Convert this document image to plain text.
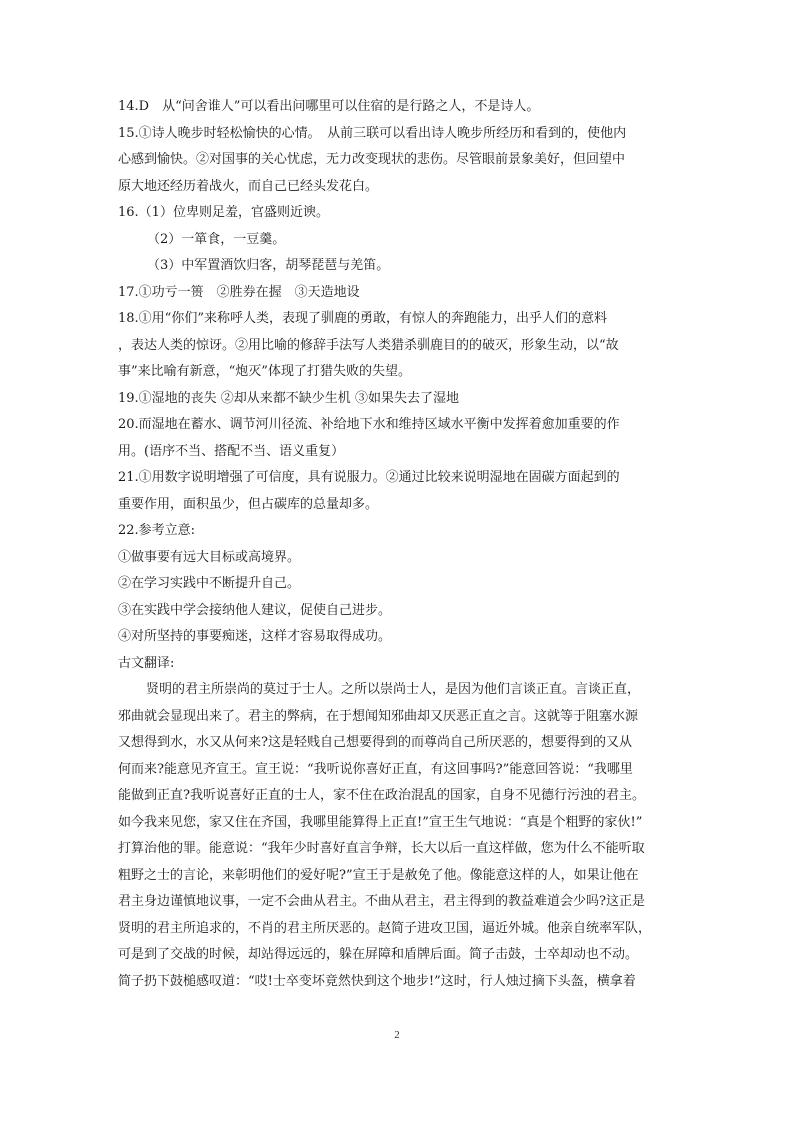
14.D　从“问舍谁人”可以看出问哪里可以住宿的是行路之人，不是诗人。
15.①诗人晚步时轻松愉快的心情。　从前三联可以看出诗人晚步所经历和看到的，使他内
心感到愉快。②对国事的关心忧虑，无力改变现状的悲伤。尽管眼前景象美好，但回望中
原大地还经历着战火，而自己已经头发花白。
16.（1）位卑则足羞，官盛则近谀。
（2）一箪食，一豆羹。
（3）中军置酒饮归客，胡琴琵琶与羌笛。
17.①功亏一篑　②胜券在握　③天造地设
18.①用“你们”来称呼人类，表现了驯鹿的勇敢，有惊人的奔跑能力，出乎人们的意料
，表达人类的惊讶。②用比喻的修辞手法写人类猎杀驯鹿目的的破灭，形象生动，以“故
事”来比喻有新意，“炮灭”体现了打猎失败的失望。
19.①湿地的丧失 ②却从来都不缺少生机 ③如果失去了湿地
20.而湿地在蓄水、调节河川径流、补给地下水和维持区域水平衡中发挥着愈加重要的作
用。(语序不当、搭配不当、语义重复）
21.①用数字说明增强了可信度，具有说服力。②通过比较来说明湿地在固碳方面起到的
重要作用，面积虽少，但占碳库的总量却多。
22.参考立意:
①做事要有远大目标或高境界。
②在学习实践中不断提升自己。
③在实践中学会接纳他人建议，促使自己进步。
④对所坚持的事要痴迷，这样才容易取得成功。
古文翻译:
贤明的君主所崇尚的莫过于士人。之所以崇尚士人，是因为他们言谈正直。言谈正直，
邪曲就会显现出来了。君主的弊病，在于想闻知邪曲却又厌恶正直之言。这就等于阻塞水源
又想得到水，水又从何来?这是轻贱自己想要得到的而尊尚自己所厌恶的，想要得到的又从
何而来?能意见齐宣王。宣王说：“我听说你喜好正直，有这回事吗?”能意回答说：“我哪里
能做到正直?我听说喜好正直的士人，家不住在政治混乱的国家，自身不见德行污浊的君主。
如今我来见您，家又住在齐国，我哪里能算得上正直!”宣王生气地说：“真是个粗野的家伙!”
打算治他的罪。能意说：“我年少时喜好直言争辩，长大以后一直这样做，您为什么不能听取
粗野之士的言论，来彰明他们的爱好呢?”宣王于是赦免了他。像能意这样的人，如果让他在
君主身边谨慎地议事，一定不会曲从君主。不曲从君主，君主得到的教益难道会少吗?这正是
贤明的君主所追求的，不肖的君主所厌恶的。赵简子进攻卫国，逼近外城。他亲自统率军队，
可是到了交战的时候，却站得远远的，躲在屏障和盾牌后面。简子击鼓，士卒却动也不动。
简子扔下鼓槌感叹道：“哎!士卒变坏竟然快到这个地步!”这时，行人烛过摘下头盔，横拿着
2
